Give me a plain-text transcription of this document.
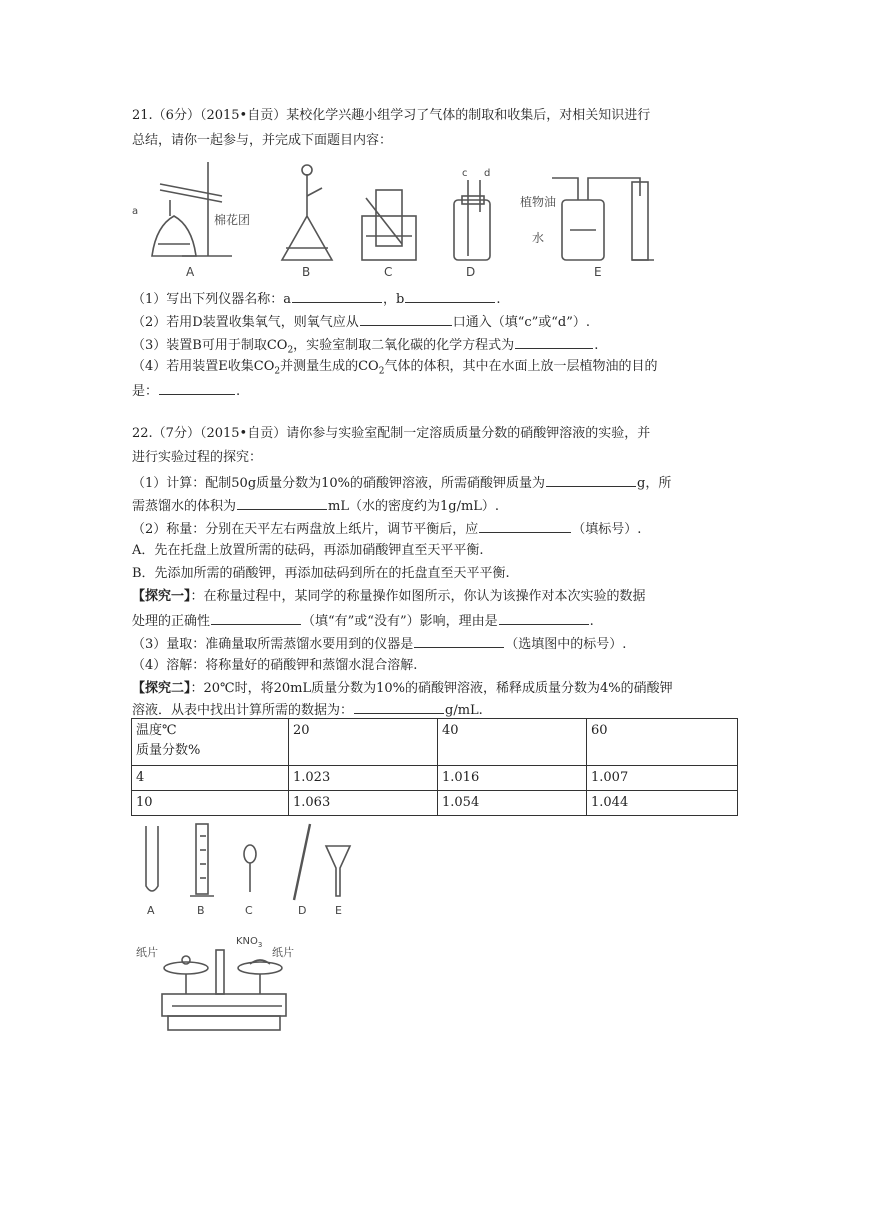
21.（6分）（2015•自贡）某校化学兴趣小组学习了气体的制取和收集后，对相关知识进行
总结，请你一起参与，并完成下面题目内容：
a
棉花团
A	B	C	D
c d
植物油
水
E
（1）写出下列仪器名称：a	，b	.
（2）若用D装置收集氧气，则氧气应从	口通入（填“c”或“d”）.
（3）装置B可用于制取$CO_2$，实验室制取二氧化碳的化学方程式为	.
（4）若用装置E收集$CO_2$并测量生成的$CO_2$气体的体积，其中在水面上放一层植物油的目的
是：	.
22.（7分）（2015•自贡）请你参与实验室配制一定溶质质量分数的硝酸钾溶液的实验，并
进行实验过程的探究：
（1）计算：配制50g质量分数为10%的硝酸钾溶液，所需硝酸钾质量为	g，所
需蒸馏水的体积为	mL（水的密度约为1g/mL）.
（2）称量：分别在天平左右两盘放上纸片，调节平衡后，应	（填标号）.
A．先在托盘上放置所需的砝码，再添加硝酸钾直至天平平衡.
B．先添加所需的硝酸钾，再添加砝码到所在的托盘直至天平平衡.
【探究一】：在称量过程中，某同学的称量操作如图所示，你认为该操作对本次实验的数据
处理的正确性	（填“有”或“没有”）影响，理由是	.
（3）量取：准确量取所需蒸馏水要用到的仪器是	（选填图中的标号）.
（4）溶解：将称量好的硝酸钾和蒸馏水混合溶解.
【探究二】：20℃时，将20mL质量分数为10%的硝酸钾溶液，稀释成质量分数为4%的硝酸钾
溶液．从表中找出计算所需的数据为：	g/mL.
温度℃
质量分数%	20	40	60
4	1.023	1.016	1.007
10	1.063	1.054	1.044
A	B	C	D	E
纸片	纸片
$KNO_3$
